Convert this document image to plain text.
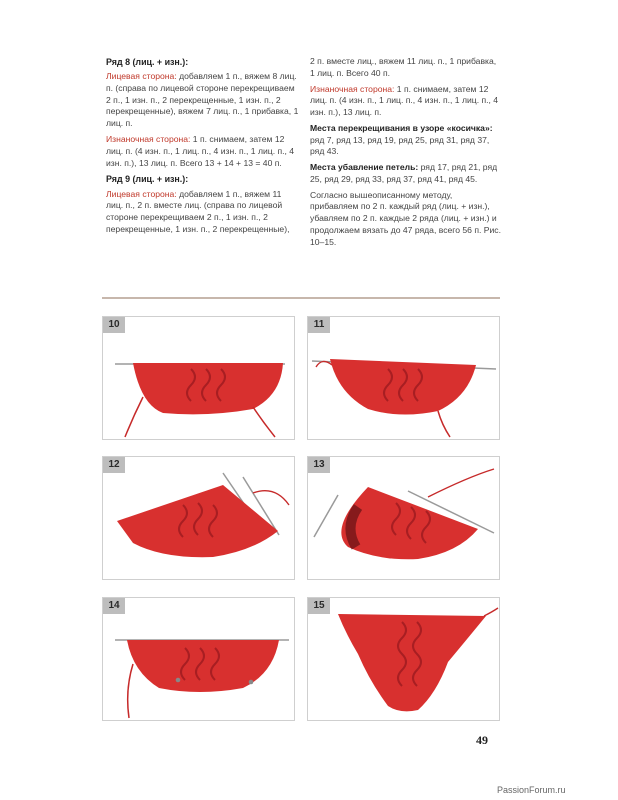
Ряд 8 (лиц. + изн.):

Лицевая сторона: добавляем 1 п., вяжем 8 лиц. п. (справа по лицевой стороне перекрещиваем 2 п., 1 изн. п., 2 перекрещенные, 1 изн. п., 2 перекрещенные), вяжем 7 лиц. п., 1 прибавка, 1 лиц. п.

Изнаночная сторона: 1 п. снимаем, затем 12 лиц. п. (4 изн. п., 1 лиц. п., 4 изн. п., 1 лиц. п., 4 изн. п.), 13 лиц. п. Всего 13 + 14 + 13 = 40 п.

Ряд 9 (лиц. + изн.):

Лицевая сторона: добавляем 1 п., вяжем 11 лиц. п., 2 п. вместе лиц. (справа по лицевой стороне перекрещиваем 2 п., 1 изн. п., 2 перекрещенные, 1 изн. п., 2 перекрещенные),

2 п. вместе лиц., вяжем 11 лиц. п., 1 прибавка, 1 лиц. п. Всего 40 п.

Изнаночная сторона: 1 п. снимаем, затем 12 лиц. п. (4 изн. п., 1 лиц. п., 4 изн. п., 1 лиц. п., 4 изн. п.), 13 лиц. п.

Места перекрещивания в узоре «косичка»: ряд 7, ряд 13, ряд 19, ряд 25, ряд 31, ряд 37, ряд 43.

Места убавление петель: ряд 17, ряд 21, ряд 25, ряд 29, ряд 33, ряд 37, ряд 41, ряд 45.

Согласно вышеописанному методу, прибавляем по 2 п. каждый ряд (лиц. + изн.), убавляем по 2 п. каждые 2 ряда (лиц. + изн.) и продолжаем вязать до 47 ряда, всего 56 п. Рис. 10–15.

10	11
12	13
14	15
49
PassionForum.ru
